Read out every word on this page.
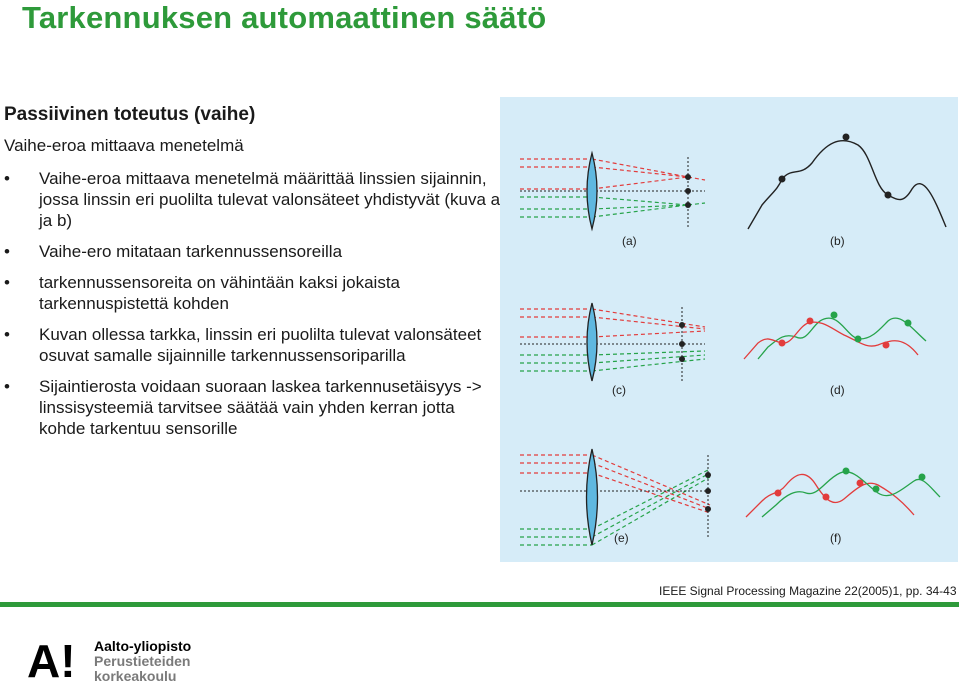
Tarkennuksen automaattinen säätö
Passiivinen toteutus (vaihe)
Vaihe-eroa mittaava menetelmä
• Vaihe-eroa mittaava menetelmä määrittää linssien sijainnin, jossa linssin eri puolilta tulevat valonsäteet yhdistyvät (kuva a ja b)
• Vaihe-ero mitataan tarkennussensoreilla
• tarkennussensoreita on vähintään kaksi jokaista tarkennuspistettä kohden
• Kuvan ollessa tarkka, linssin eri puolilta tulevat valonsäteet osuvat samalle sijainnille tarkennussensoriparilla
• Sijaintierosta voidaan suoraan laskea tarkennusetäisyys -> linssisysteemiä tarvitsee säätää vain yhden kerran jotta kohde tarkentuu sensorille
(a)	(b)
(c)	(d)
(e)	(f)
IEEE Signal Processing Magazine 22(2005)1, pp. 34-43
A! Aalto-yliopisto
Perustieteiden
korkeakoulu
